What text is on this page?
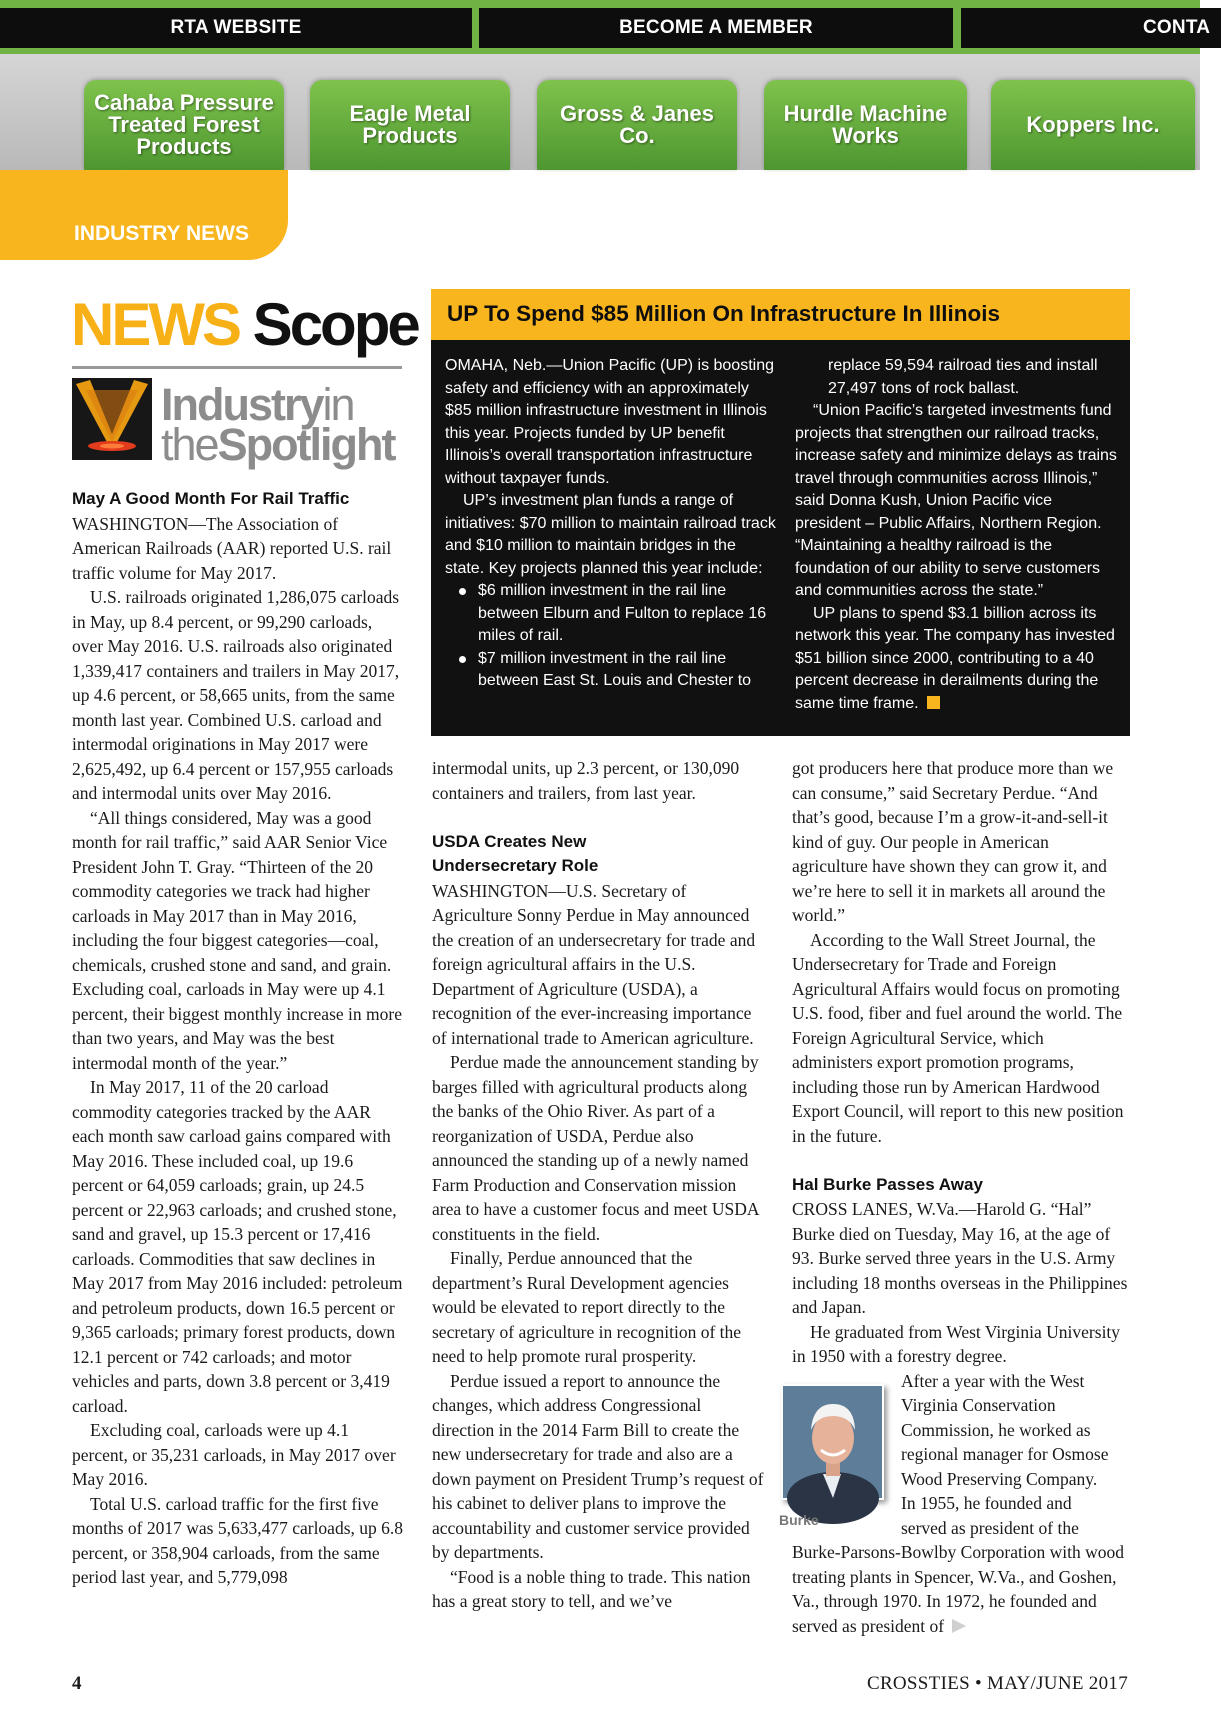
RTA WEBSITE	BECOME A MEMBER	CONTA
Cahaba Pressure Treated Forest Products
Eagle Metal Products
Gross & Janes Co.
Hurdle Machine Works	Koppers Inc.
INDUSTRY NEWS
NEWS Scope
Industryin
theSpotlight
May A Good Month For Rail Traffic

WASHINGTON—The Association of American Railroads (AAR) reported U.S. rail traffic volume for May 2017.

U.S. railroads originated 1,286,075 carloads in May, up 8.4 percent, or 99,290 carloads, over May 2016. U.S. railroads also originated 1,339,417 containers and trailers in May 2017, up 4.6 percent, or 58,665 units, from the same month last year. Combined U.S. carload and intermodal originations in May 2017 were 2,625,492, up 6.4 percent or 157,955 carloads and intermodal units over May 2016.

“All things considered, May was a good month for rail traffic,” said AAR Senior Vice President John T. Gray. “Thirteen of the 20 commodity categories we track had higher carloads in May 2017 than in May 2016, including the four biggest categories—coal, chemicals, crushed stone and sand, and grain. Excluding coal, carloads in May were up 4.1 percent, their biggest monthly increase in more than two years, and May was the best intermodal month of the year.”

In May 2017, 11 of the 20 carload commodity categories tracked by the AAR each month saw carload gains compared with May 2016. These included coal, up 19.6 percent or 64,059 carloads; grain, up 24.5 percent or 22,963 carloads; and crushed stone, sand and gravel, up 15.3 percent or 17,416 carloads. Commodities that saw declines in May 2017 from May 2016 included: petroleum and petroleum products, down 16.5 percent or 9,365 carloads; primary forest products, down 12.1 percent or 742 carloads; and motor vehicles and parts, down 3.8 percent or 3,419 carload.

Excluding coal, carloads were up 4.1 percent, or 35,231 carloads, in May 2017 over May 2016.

Total U.S. carload traffic for the first five months of 2017 was 5,633,477 carloads, up 6.8 percent, or 358,904 carloads, from the same period last year, and 5,779,098

UP To Spend $85 Million On Infrastructure In Illinois

OMAHA, Neb.—Union Pacific (UP) is boosting safety and efficiency with an approximately $85 million infrastructure investment in Illinois this year. Projects funded by UP benefit Illinois’s overall transportation infrastructure without taxpayer funds.

UP’s investment plan funds a range of initiatives: $70 million to maintain railroad track and $10 million to maintain bridges in the state. Key projects planned this year include:

$6 million investment in the rail line between Elburn and Fulton to replace 16 miles of rail.

$7 million investment in the rail line between East St. Louis and Chester to

replace 59,594 railroad ties and install 27,497 tons of rock ballast.

“Union Pacific’s targeted investments fund projects that strengthen our railroad tracks, increase safety and minimize delays as trains travel through communities across Illinois,” said Donna Kush, Union Pacific vice president – Public Affairs, Northern Region. “Maintaining a healthy railroad is the foundation of our ability to serve customers and communities across the state.”

UP plans to spend $3.1 billion across its network this year. The company has invested $51 billion since 2000, contributing to a 40 percent decrease in derailments during the same time frame.

intermodal units, up 2.3 percent, or 130,090 containers and trailers, from last year.

USDA Creates New
Undersecretary Role

WASHINGTON—U.S. Secretary of Agriculture Sonny Perdue in May announced the creation of an undersecretary for trade and foreign agricultural affairs in the U.S. Department of Agriculture (USDA), a recognition of the ever-increasing importance of international trade to American agriculture.

Perdue made the announcement standing by barges filled with agricultural products along the banks of the Ohio River. As part of a reorganization of USDA, Perdue also announced the standing up of a newly named Farm Production and Conservation mission area to have a customer focus and meet USDA constituents in the field.

Finally, Perdue announced that the department’s Rural Development agencies would be elevated to report directly to the secretary of agriculture in recognition of the need to help promote rural prosperity.

Perdue issued a report to announce the changes, which address Congressional direction in the 2014 Farm Bill to create the new undersecretary for trade and also are a down payment on President Trump’s request of his cabinet to deliver plans to improve the accountability and customer service provided by departments.

“Food is a noble thing to trade. This nation has a great story to tell, and we’ve

got producers here that produce more than we can consume,” said Secretary Perdue. “And that’s good, because I’m a grow-it-and-sell-it kind of guy. Our people in American agriculture have shown they can grow it, and we’re here to sell it in markets all around the world.”

According to the Wall Street Journal, the Undersecretary for Trade and Foreign Agricultural Affairs would focus on promoting U.S. food, fiber and fuel around the world. The Foreign Agricultural Service, which administers export promotion programs, including those run by American Hardwood Export Council, will report to this new position in the future.

Hal Burke Passes Away

CROSS LANES, W.Va.—Harold G. “Hal” Burke died on Tuesday, May 16, at the age of 93. Burke served three years in the U.S. Army including 18 months overseas in the Philippines and Japan.

He graduated from West Virginia University in 1950 with a forestry degree.

After a year with the West
Virginia Conservation
Commission, he worked as
regional manager for Osmose
Wood Preserving Company.
In 1955, he founded and
served as president of the

Burke-Parsons-Bowlby Corporation with wood treating plants in Spencer, W.Va., and Goshen, Va., through 1970. In 1972, he founded and served as president of

Burke
4	CROSSTIES • MAY/JUNE 2017
